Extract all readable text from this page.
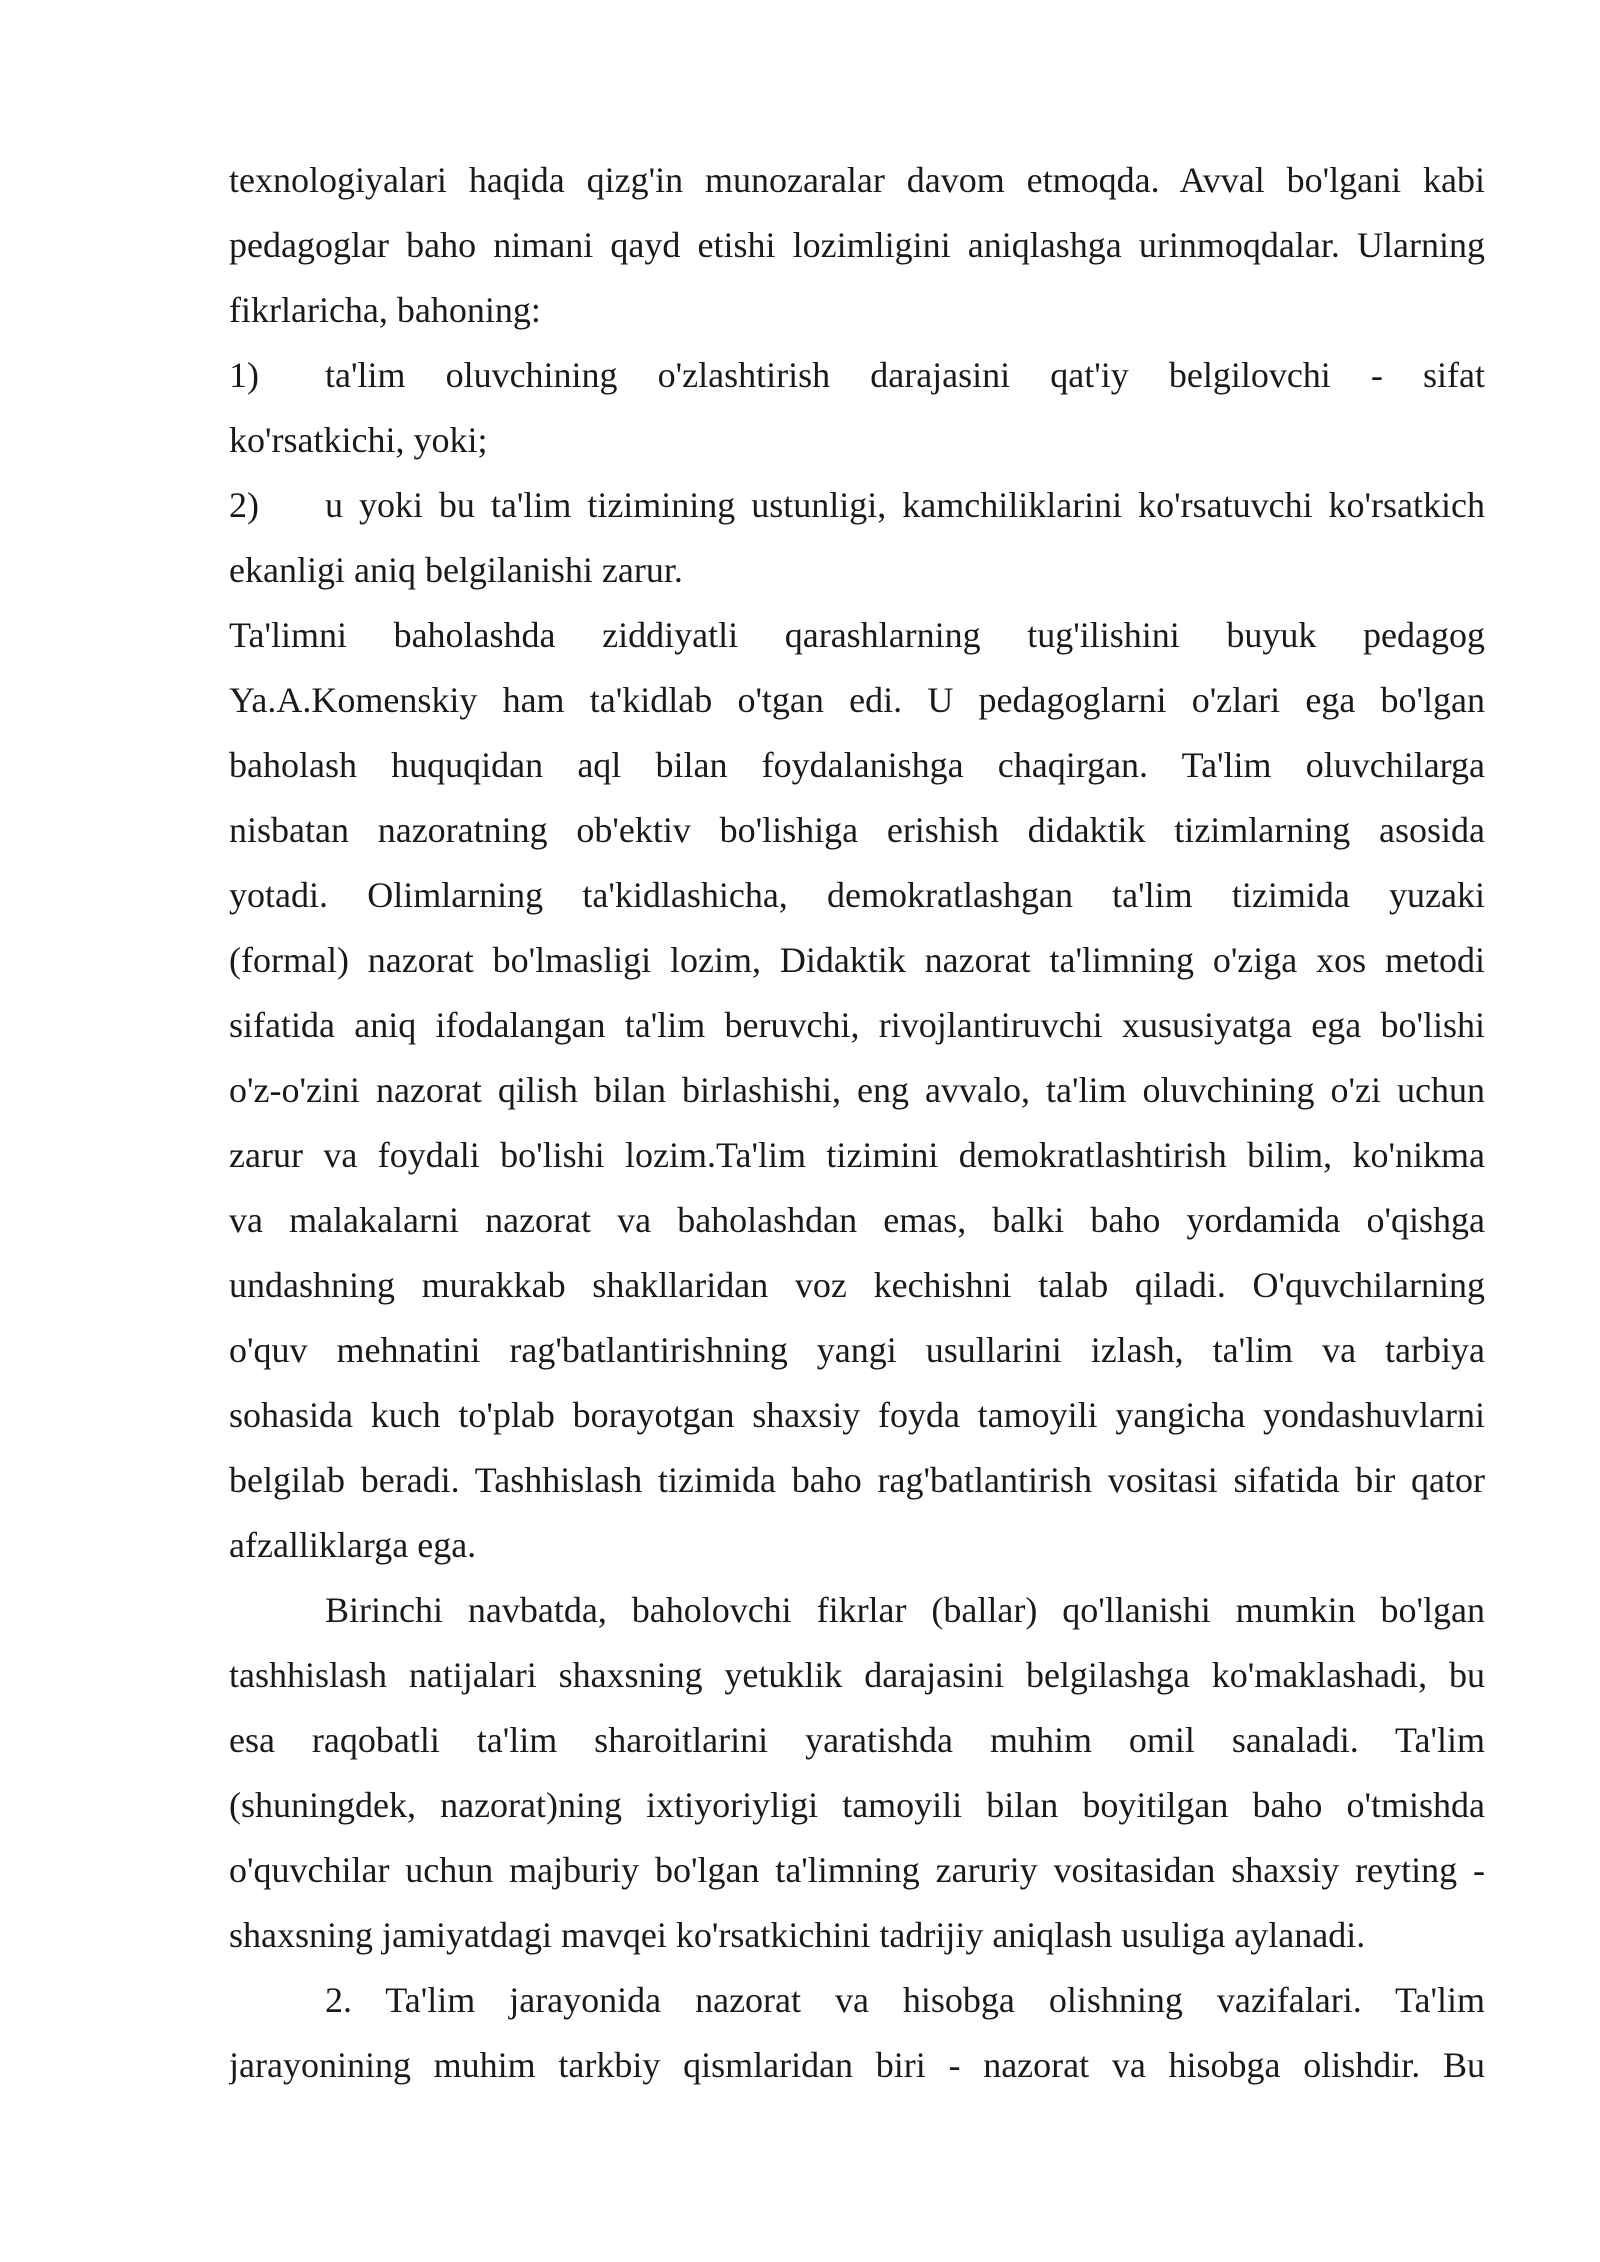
texnologiyalari haqida qizg'in munozaralar davom etmoqda. Avval bo'lgani kabi
pedagoglar baho nimani qayd etishi lozimligini aniqlashga urinmoqdalar. Ularning
fikrlaricha, bahoning:
1)	ta'lim oluvchining o'zlashtirish darajasini qat'iy belgilovchi - sifat
ko'rsatkichi, yoki;
2)	u yoki bu ta'lim tizimining ustunligi, kamchiliklarini ko'rsatuvchi ko'rsatkich
ekanligi aniq belgilanishi zarur.
Ta'limni baholashda ziddiyatli qarashlarning tug'ilishini buyuk pedagog
Ya.A.Komenskiy ham ta'kidlab o'tgan edi. U pedagoglarni o'zlari ega bo'lgan
baholash huquqidan aql bilan foydalanishga chaqirgan. Ta'lim oluvchilarga
nisbatan nazoratning ob'ektiv bo'lishiga erishish didaktik tizimlarning asosida
yotadi. Olimlarning ta'kidlashicha, demokratlashgan ta'lim tizimida yuzaki
(formal) nazorat bo'lmasligi lozim, Didaktik nazorat ta'limning o'ziga xos metodi
sifatida aniq ifodalangan ta'lim beruvchi, rivojlantiruvchi xususiyatga ega bo'lishi
o'z-o'zini nazorat qilish bilan birlashishi, eng avvalo, ta'lim oluvchining o'zi uchun
zarur va foydali bo'lishi lozim.Ta'lim tizimini demokratlashtirish bilim, ko'nikma
va malakalarni nazorat va baholashdan emas, balki baho yordamida o'qishga
undashning murakkab shakllaridan voz kechishni talab qiladi. O'quvchilarning
o'quv mehnatini rag'batlantirishning yangi usullarini izlash, ta'lim va tarbiya
sohasida kuch to'plab borayotgan shaxsiy foyda tamoyili yangicha yondashuvlarni
belgilab beradi. Tashhislash tizimida baho rag'batlantirish vositasi sifatida bir qator
afzalliklarga ega.
Birinchi navbatda, baholovchi fikrlar (ballar) qo'llanishi mumkin bo'lgan
tashhislash natijalari shaxsning yetuklik darajasini belgilashga ko'maklashadi, bu
esa raqobatli ta'lim sharoitlarini yaratishda muhim omil sanaladi. Ta'lim
(shuningdek, nazorat)ning ixtiyoriyligi tamoyili bilan boyitilgan baho o'tmishda
o'quvchilar uchun majburiy bo'lgan ta'limning zaruriy vositasidan shaxsiy reyting -
shaxsning jamiyatdagi mavqei ko'rsatkichini tadrijiy aniqlash usuliga aylanadi.
2. Ta'lim jarayonida nazorat va hisobga olishning vazifalari. Ta'lim
jarayonining muhim tarkbiy qismlaridan biri - nazorat va hisobga olishdir. Bu
